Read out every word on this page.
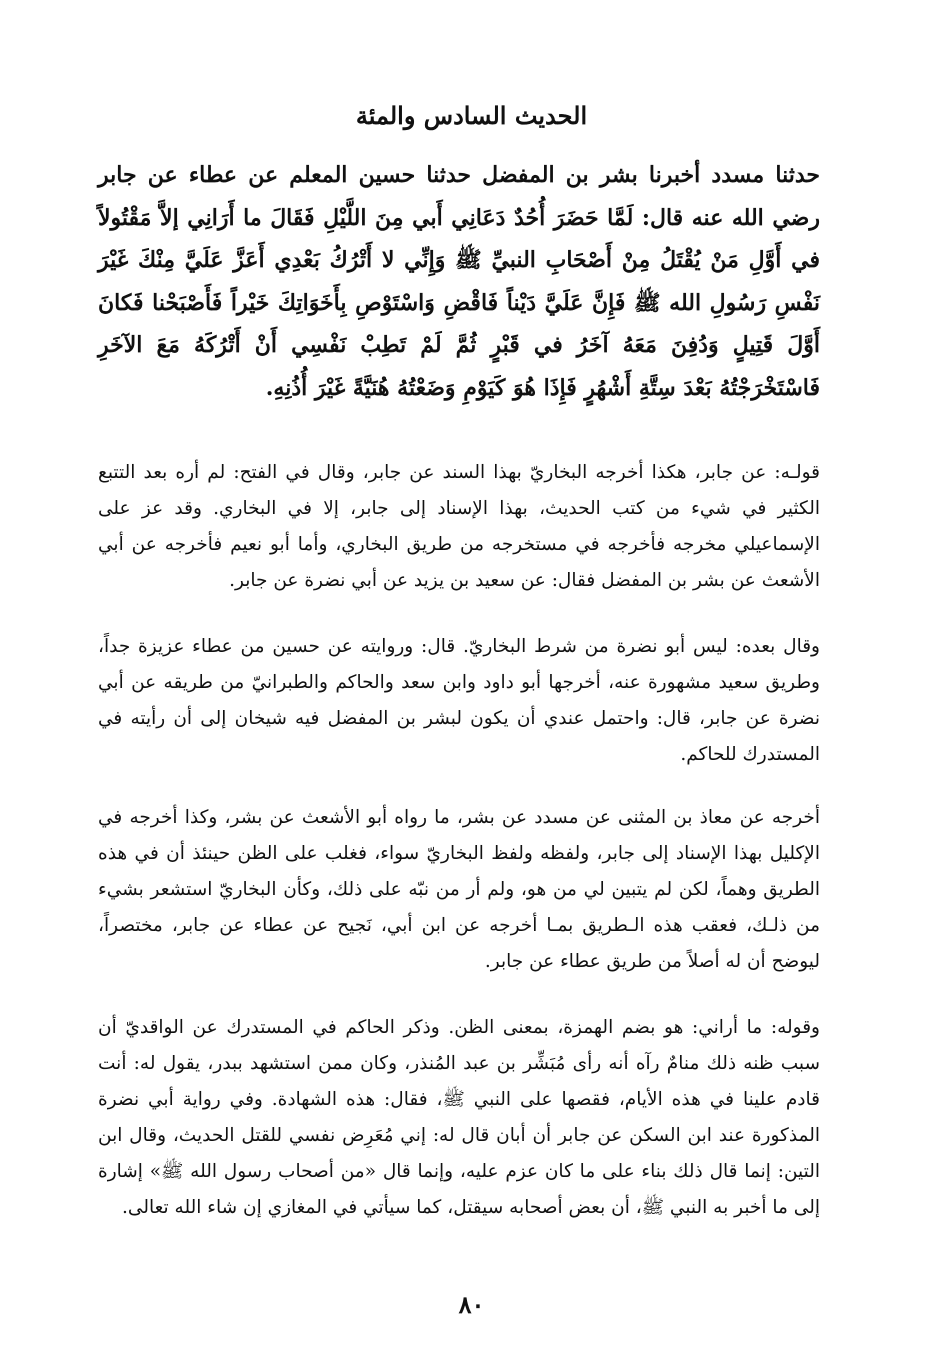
الحديث السادس والمئة
حدثنا مسدد أخبرنا بشر بن المفضل حدثنا حسين المعلم عن عطاء عن جابر رضي الله عنه قال: لَمَّا حَضَرَ أُحُدٌ دَعَانِي أَبي مِنَ اللَّيْلِ فَقَالَ ما أَرَانِي إلاَّ مَقْتُولاً في أَوَّلِ مَنْ يُقْتَلُ مِنْ أَصْحَابِ النبيِّ ﷺ وَإِنِّي لا أَتْرُكُ بَعْدِي أَعَزَّ عَلَيَّ مِنْكَ غَيْرَ نَفْسِ رَسُولِ الله ﷺ فَإِنَّ عَلَيَّ دَيْناً فَاقْضِ وَاسْتَوْصِ بِأَخَوَاتِكَ خَيْراً فَأَصْبَحْنا فَكانَ أَوَّلَ قَتِيلٍ وَدُفِنَ مَعَهُ آخَرُ في قَبْرٍ ثُمَّ لَمْ تَطِبْ نَفْسِي أَنْ أَتْرُكَهُ مَعَ الآخَرِ فَاسْتَخْرَجْتُهُ بَعْدَ سِتَّةِ أَشْهُرٍ فَإِذَا هُوَ كَيَوْمِ وَضَعْتُهُ هُنَيَّةً غَيْرَ أُذُنِهِ.
قولـه: عن جابر، هكذا أخرجه البخاريّ بهذا السند عن جابر، وقال في الفتح: لم أره بعد التتبع الكثير في شيء من كتب الحديث، بهذا الإسناد إلى جابر، إلا في البخاري. وقد عز على الإسماعيلي مخرجه فأخرجه في مستخرجه من طريق البخاري، وأما أبو نعيم فأخرجه عن أبي الأشعث عن بشر بن المفضل فقال: عن سعيد بن يزيد عن أبي نضرة عن جابر.
وقال بعده: ليس أبو نضرة من شرط البخاريّ. قال: وروايته عن حسين من عطاء عزيزة جداً، وطريق سعيد مشهورة عنه، أخرجها أبو داود وابن سعد والحاكم والطبرانيّ من طريقه عن أبي نضرة عن جابر، قال: واحتمل عندي أن يكون لبشر بن المفضل فيه شيخان إلى أن رأيته في المستدرك للحاكم.
أخرجه عن معاذ بن المثنى عن مسدد عن بشر، ما رواه أبو الأشعث عن بشر، وكذا أخرجه في الإكليل بهذا الإسناد إلى جابر، ولفظه ولفظ البخاريّ سواء، فغلب على الظن حينئذ أن في هذه الطريق وهماً، لكن لم يتبين لي من هو، ولم أر من نبّه على ذلك، وكأن البخاريّ استشعر بشيء من ذلـك، فعقب هذه الـطريق بمـا أخرجه عن ابن أبي، نَجيح عن عطاء عن جابر، مختصراً، ليوضح أن له أصلاً من طريق عطاء عن جابر.
وقوله: ما أراني: هو بضم الهمزة، بمعنى الظن. وذكر الحاكم في المستدرك عن الواقديّ أن سبب ظنه ذلك منامٌ رآه أنه رأى مُبَشِّر بن عبد المُنذر، وكان ممن استشهد ببدر، يقول له: أنت قادم علينا في هذه الأيام، فقصها على النبي ﷺ، فقال: هذه الشهادة. وفي رواية أبي نضرة المذكورة عند ابن السكن عن جابر أن أبان قال له: إني مُعَرِض نفسي للقتل الحديث، وقال ابن التين: إنما قال ذلك بناء على ما كان عزم عليه، وإنما قال «من أصحاب رسول الله ﷺ» إشارة إلى ما أخبر به النبي ﷺ، أن بعض أصحابه سيقتل، كما سيأتي في المغازي إن شاء الله تعالى.
٨٠
